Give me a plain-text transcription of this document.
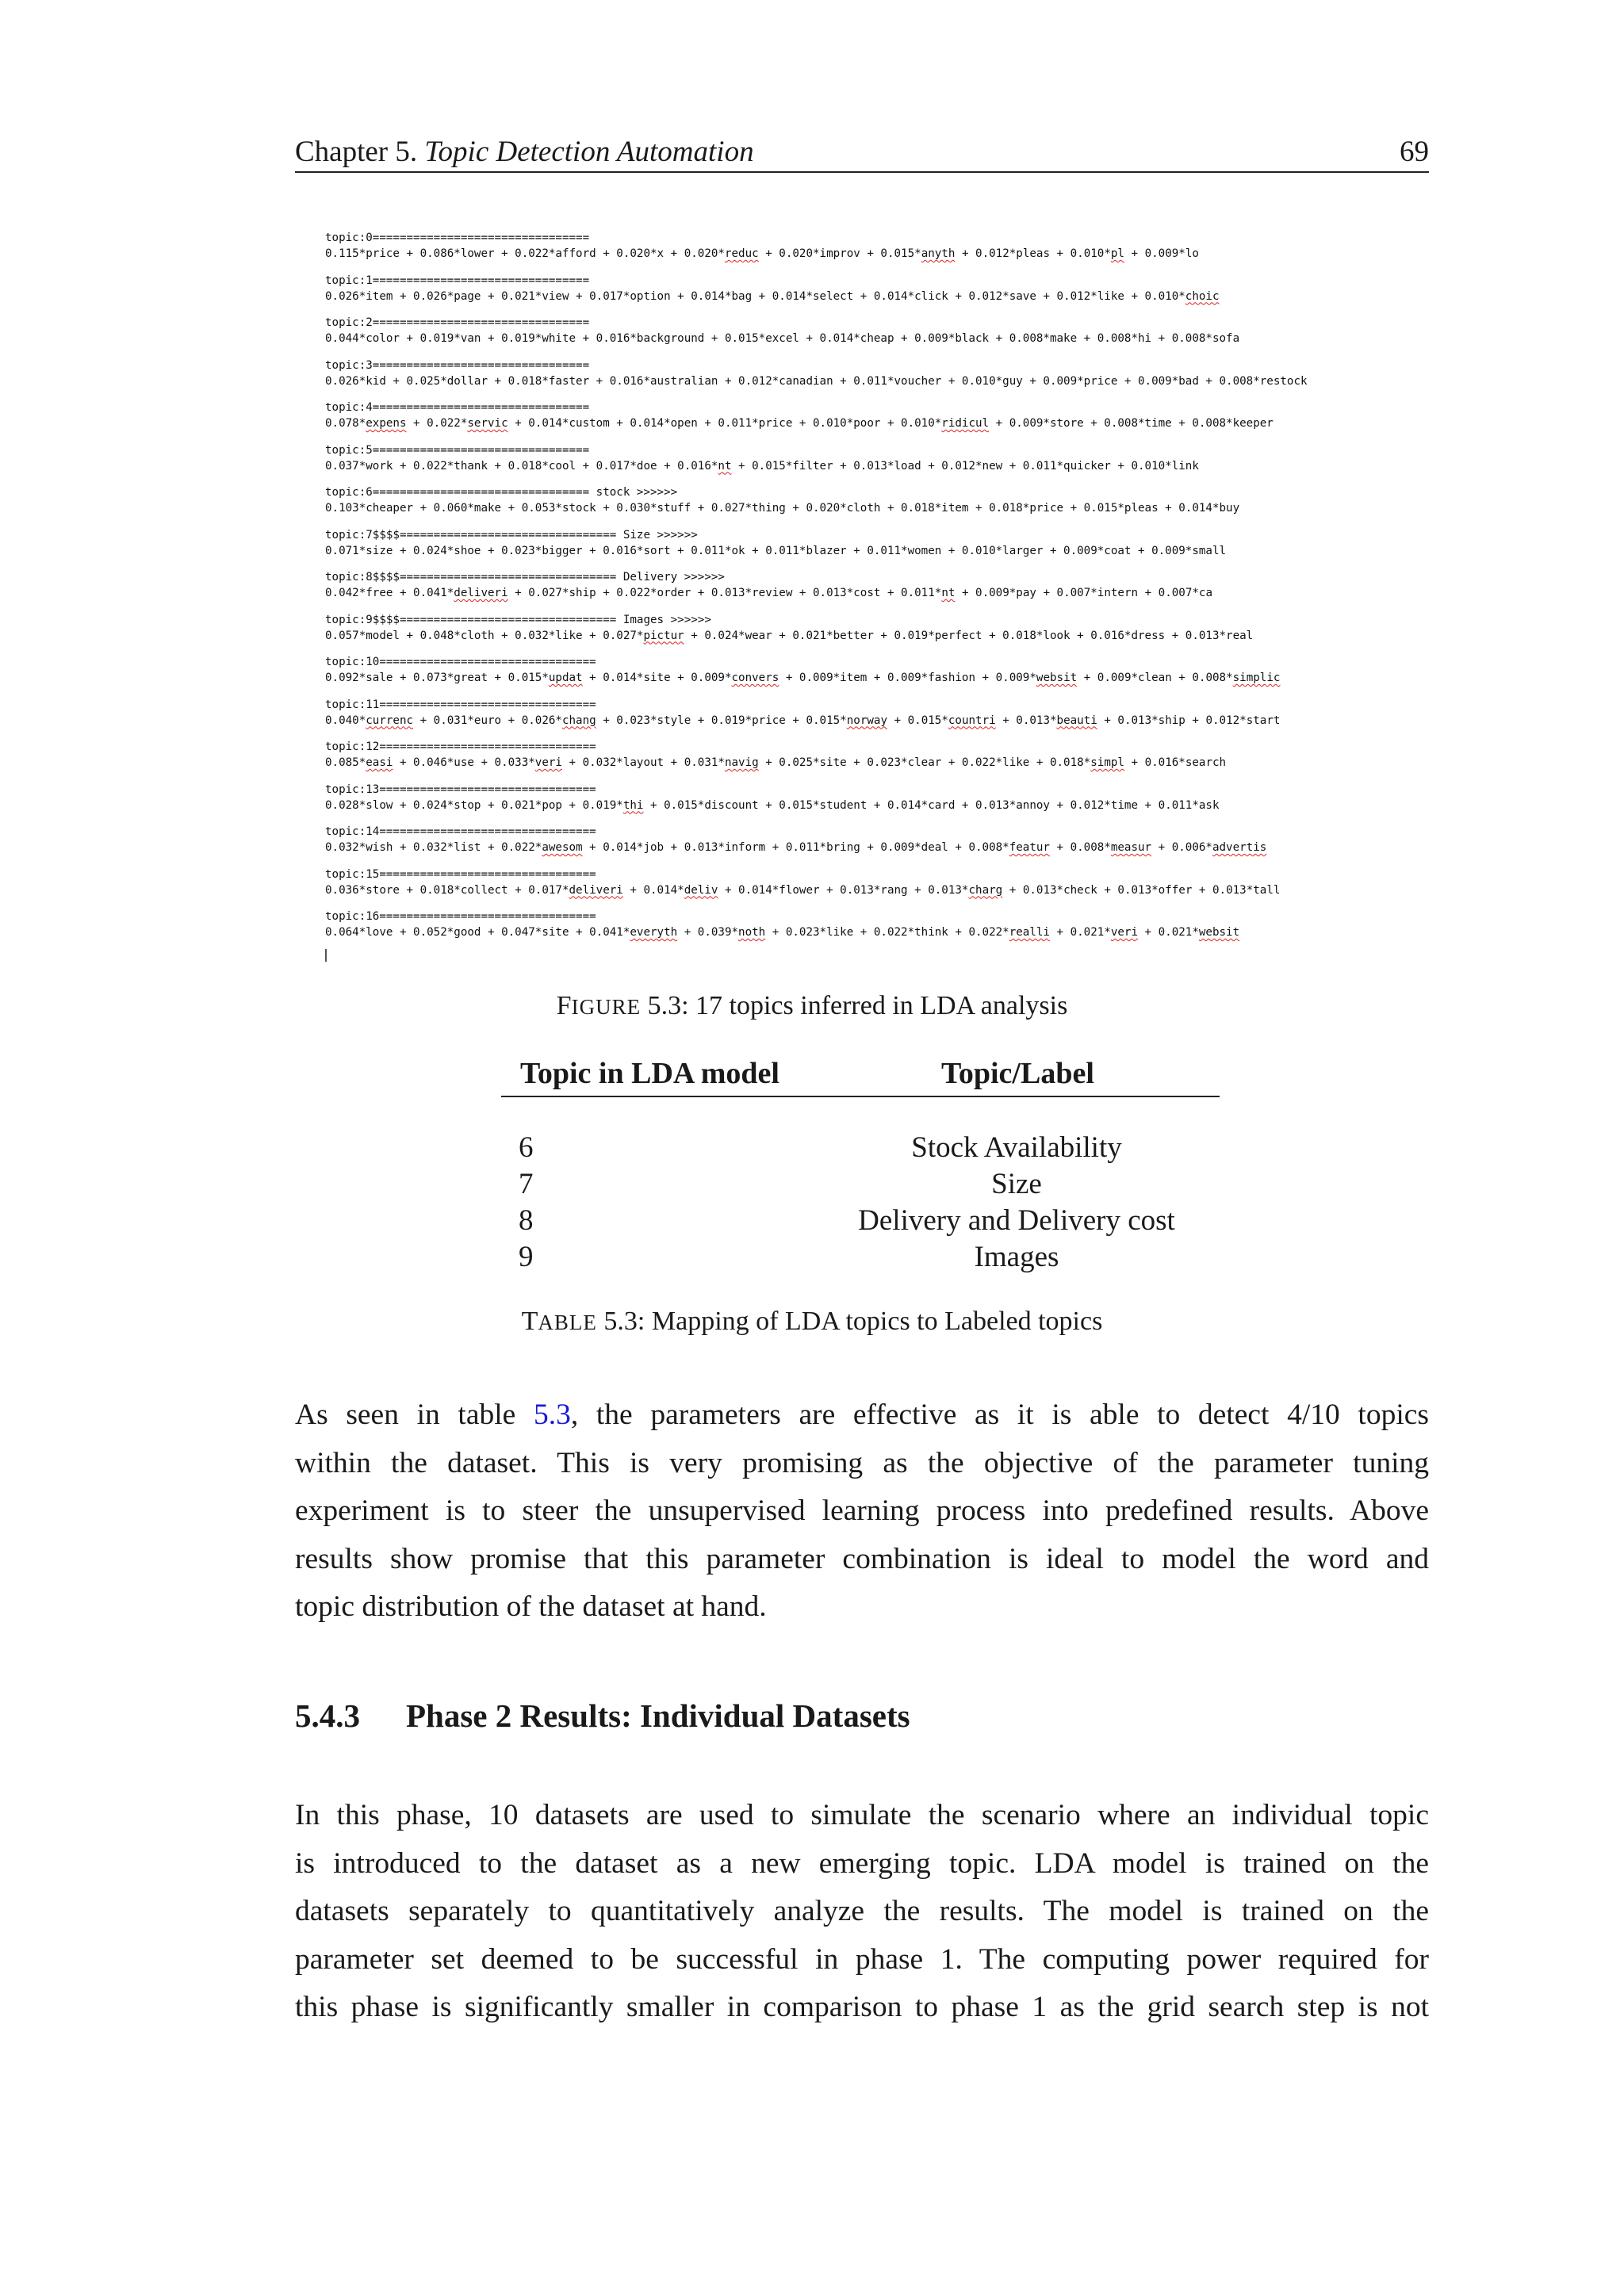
Chapter 5. Topic Detection Automation	69
topic:0================================
0.115*price + 0.086*lower + 0.022*afford + 0.020*x + 0.020*reduc + 0.020*improv + 0.015*anyth + 0.012*pleas + 0.010*pl + 0.009*lo
topic:1================================
0.026*item + 0.026*page + 0.021*view + 0.017*option + 0.014*bag + 0.014*select + 0.014*click + 0.012*save + 0.012*like + 0.010*choic
topic:2================================
0.044*color + 0.019*van + 0.019*white + 0.016*background + 0.015*excel + 0.014*cheap + 0.009*black + 0.008*make + 0.008*hi + 0.008*sofa
topic:3================================
0.026*kid + 0.025*dollar + 0.018*faster + 0.016*australian + 0.012*canadian + 0.011*voucher + 0.010*guy + 0.009*price + 0.009*bad + 0.008*restock
topic:4================================
0.078*expens + 0.022*servic + 0.014*custom + 0.014*open + 0.011*price + 0.010*poor + 0.010*ridicul + 0.009*store + 0.008*time + 0.008*keeper
topic:5================================
0.037*work + 0.022*thank + 0.018*cool + 0.017*doe + 0.016*nt + 0.015*filter + 0.013*load + 0.012*new + 0.011*quicker + 0.010*link
topic:6================================ stock >>>>>>
0.103*cheaper + 0.060*make + 0.053*stock + 0.030*stuff + 0.027*thing + 0.020*cloth + 0.018*item + 0.018*price + 0.015*pleas + 0.014*buy
topic:7$$$$================================ Size >>>>>>
0.071*size + 0.024*shoe + 0.023*bigger + 0.016*sort + 0.011*ok + 0.011*blazer + 0.011*women + 0.010*larger + 0.009*coat + 0.009*small
topic:8$$$$================================ Delivery >>>>>>
0.042*free + 0.041*deliveri + 0.027*ship + 0.022*order + 0.013*review + 0.013*cost + 0.011*nt + 0.009*pay + 0.007*intern + 0.007*ca
topic:9$$$$================================ Images >>>>>>
0.057*model + 0.048*cloth + 0.032*like + 0.027*pictur + 0.024*wear + 0.021*better + 0.019*perfect + 0.018*look + 0.016*dress + 0.013*real
topic:10================================
0.092*sale + 0.073*great + 0.015*updat + 0.014*site + 0.009*convers + 0.009*item + 0.009*fashion + 0.009*websit + 0.009*clean + 0.008*simplic
topic:11================================
0.040*currenc + 0.031*euro + 0.026*chang + 0.023*style + 0.019*price + 0.015*norway + 0.015*countri + 0.013*beauti + 0.013*ship + 0.012*start
topic:12================================
0.085*easi + 0.046*use + 0.033*veri + 0.032*layout + 0.031*navig + 0.025*site + 0.023*clear + 0.022*like + 0.018*simpl + 0.016*search
topic:13================================
0.028*slow + 0.024*stop + 0.021*pop + 0.019*thi + 0.015*discount + 0.015*student + 0.014*card + 0.013*annoy + 0.012*time + 0.011*ask
topic:14================================
0.032*wish + 0.032*list + 0.022*awesom + 0.014*job + 0.013*inform + 0.011*bring + 0.009*deal + 0.008*featur + 0.008*measur + 0.006*advertis
topic:15================================
0.036*store + 0.018*collect + 0.017*deliveri + 0.014*deliv + 0.014*flower + 0.013*rang + 0.013*charg + 0.013*check + 0.013*offer + 0.013*tall
topic:16================================
0.064*love + 0.052*good + 0.047*site + 0.041*everyth + 0.039*noth + 0.023*like + 0.022*think + 0.022*realli + 0.021*veri + 0.021*websit
FIGURE 5.3: 17 topics inferred in LDA analysis
Topic in LDA model	Topic/Label
6	Stock Availability
7	Size
8	Delivery and Delivery cost
9	Images
TABLE 5.3: Mapping of LDA topics to Labeled topics
As seen in table 5.3, the parameters are effective as it is able to detect 4/10 topics
within the dataset. This is very promising as the objective of the parameter tuning
experiment is to steer the unsupervised learning process into predefined results. Above
results show promise that this parameter combination is ideal to model the word and
topic distribution of the dataset at hand.
5.4.3 Phase 2 Results: Individual Datasets
In this phase, 10 datasets are used to simulate the scenario where an individual topic
is introduced to the dataset as a new emerging topic. LDA model is trained on the
datasets separately to quantitatively analyze the results. The model is trained on the
parameter set deemed to be successful in phase 1. The computing power required for
this phase is significantly smaller in comparison to phase 1 as the grid search step is not
